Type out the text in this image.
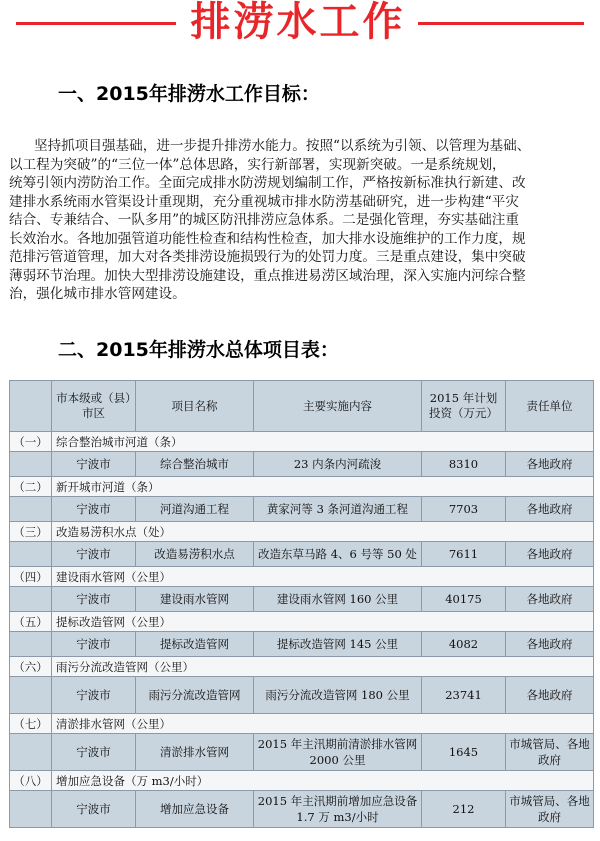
排涝水工作
一、2015年排涝水工作目标：
坚持抓项目强基础，进一步提升排涝水能力。按照“以系统为引领、以管理为基础、
以工程为突破”的“三位一体”总体思路，实行新部署，实现新突破。一是系统规划，
统筹引领内涝防治工作。全面完成排水防涝规划编制工作，严格按新标准执行新建、改
建排水系统雨水管渠设计重现期，充分重视城市排水防涝基础研究，进一步构建“平灾
结合、专兼结合、一队多用”的城区防汛排涝应急体系。二是强化管理，夯实基础注重
长效治水。各地加强管道功能性检查和结构性检查，加大排水设施维护的工作力度，规
范排污管道管理，加大对各类排涝设施损毁行为的处罚力度。三是重点建设，集中突破
薄弱环节治理。加快大型排涝设施建设，重点推进易涝区域治理，深入实施内河综合整
治，强化城市排水管网建设。
二、2015年排涝水总体项目表：
	市本级或（县）市区	项目名称	主要实施内容	2015 年计划投资（万元）	责任单位
（一）	综合整治城市河道（条）				
	宁波市	综合整治城市	23 内条内河疏浚	8310	各地政府
（二）	新开城市河道（条）				
	宁波市	河道沟通工程	黄家河等 3 条河道沟通工程	7703	各地政府
（三）	改造易涝积水点（处）				
	宁波市	改造易涝积水点	改造东草马路 4、6 号等 50 处	7611	各地政府
（四）	建设雨水管网（公里）				
	宁波市	建设雨水管网	建设雨水管网 160 公里	40175	各地政府
（五）	提标改造管网（公里）				
	宁波市	提标改造管网	提标改造管网 145 公里	4082	各地政府
（六）	雨污分流改造管网（公里）				
	宁波市	雨污分流改造管网	雨污分流改造管网 180 公里	23741	各地政府
（七）	清淤排水管网（公里）				
	宁波市	清淤排水管网	2015 年主汛期前清淤排水管网 2000 公里	1645	市城管局、各地政府
（八）	增加应急设备（万 m3/小时）				
	宁波市	增加应急设备	2015 年主汛期前增加应急设备 1.7 万 m3/小时	212	市城管局、各地政府
